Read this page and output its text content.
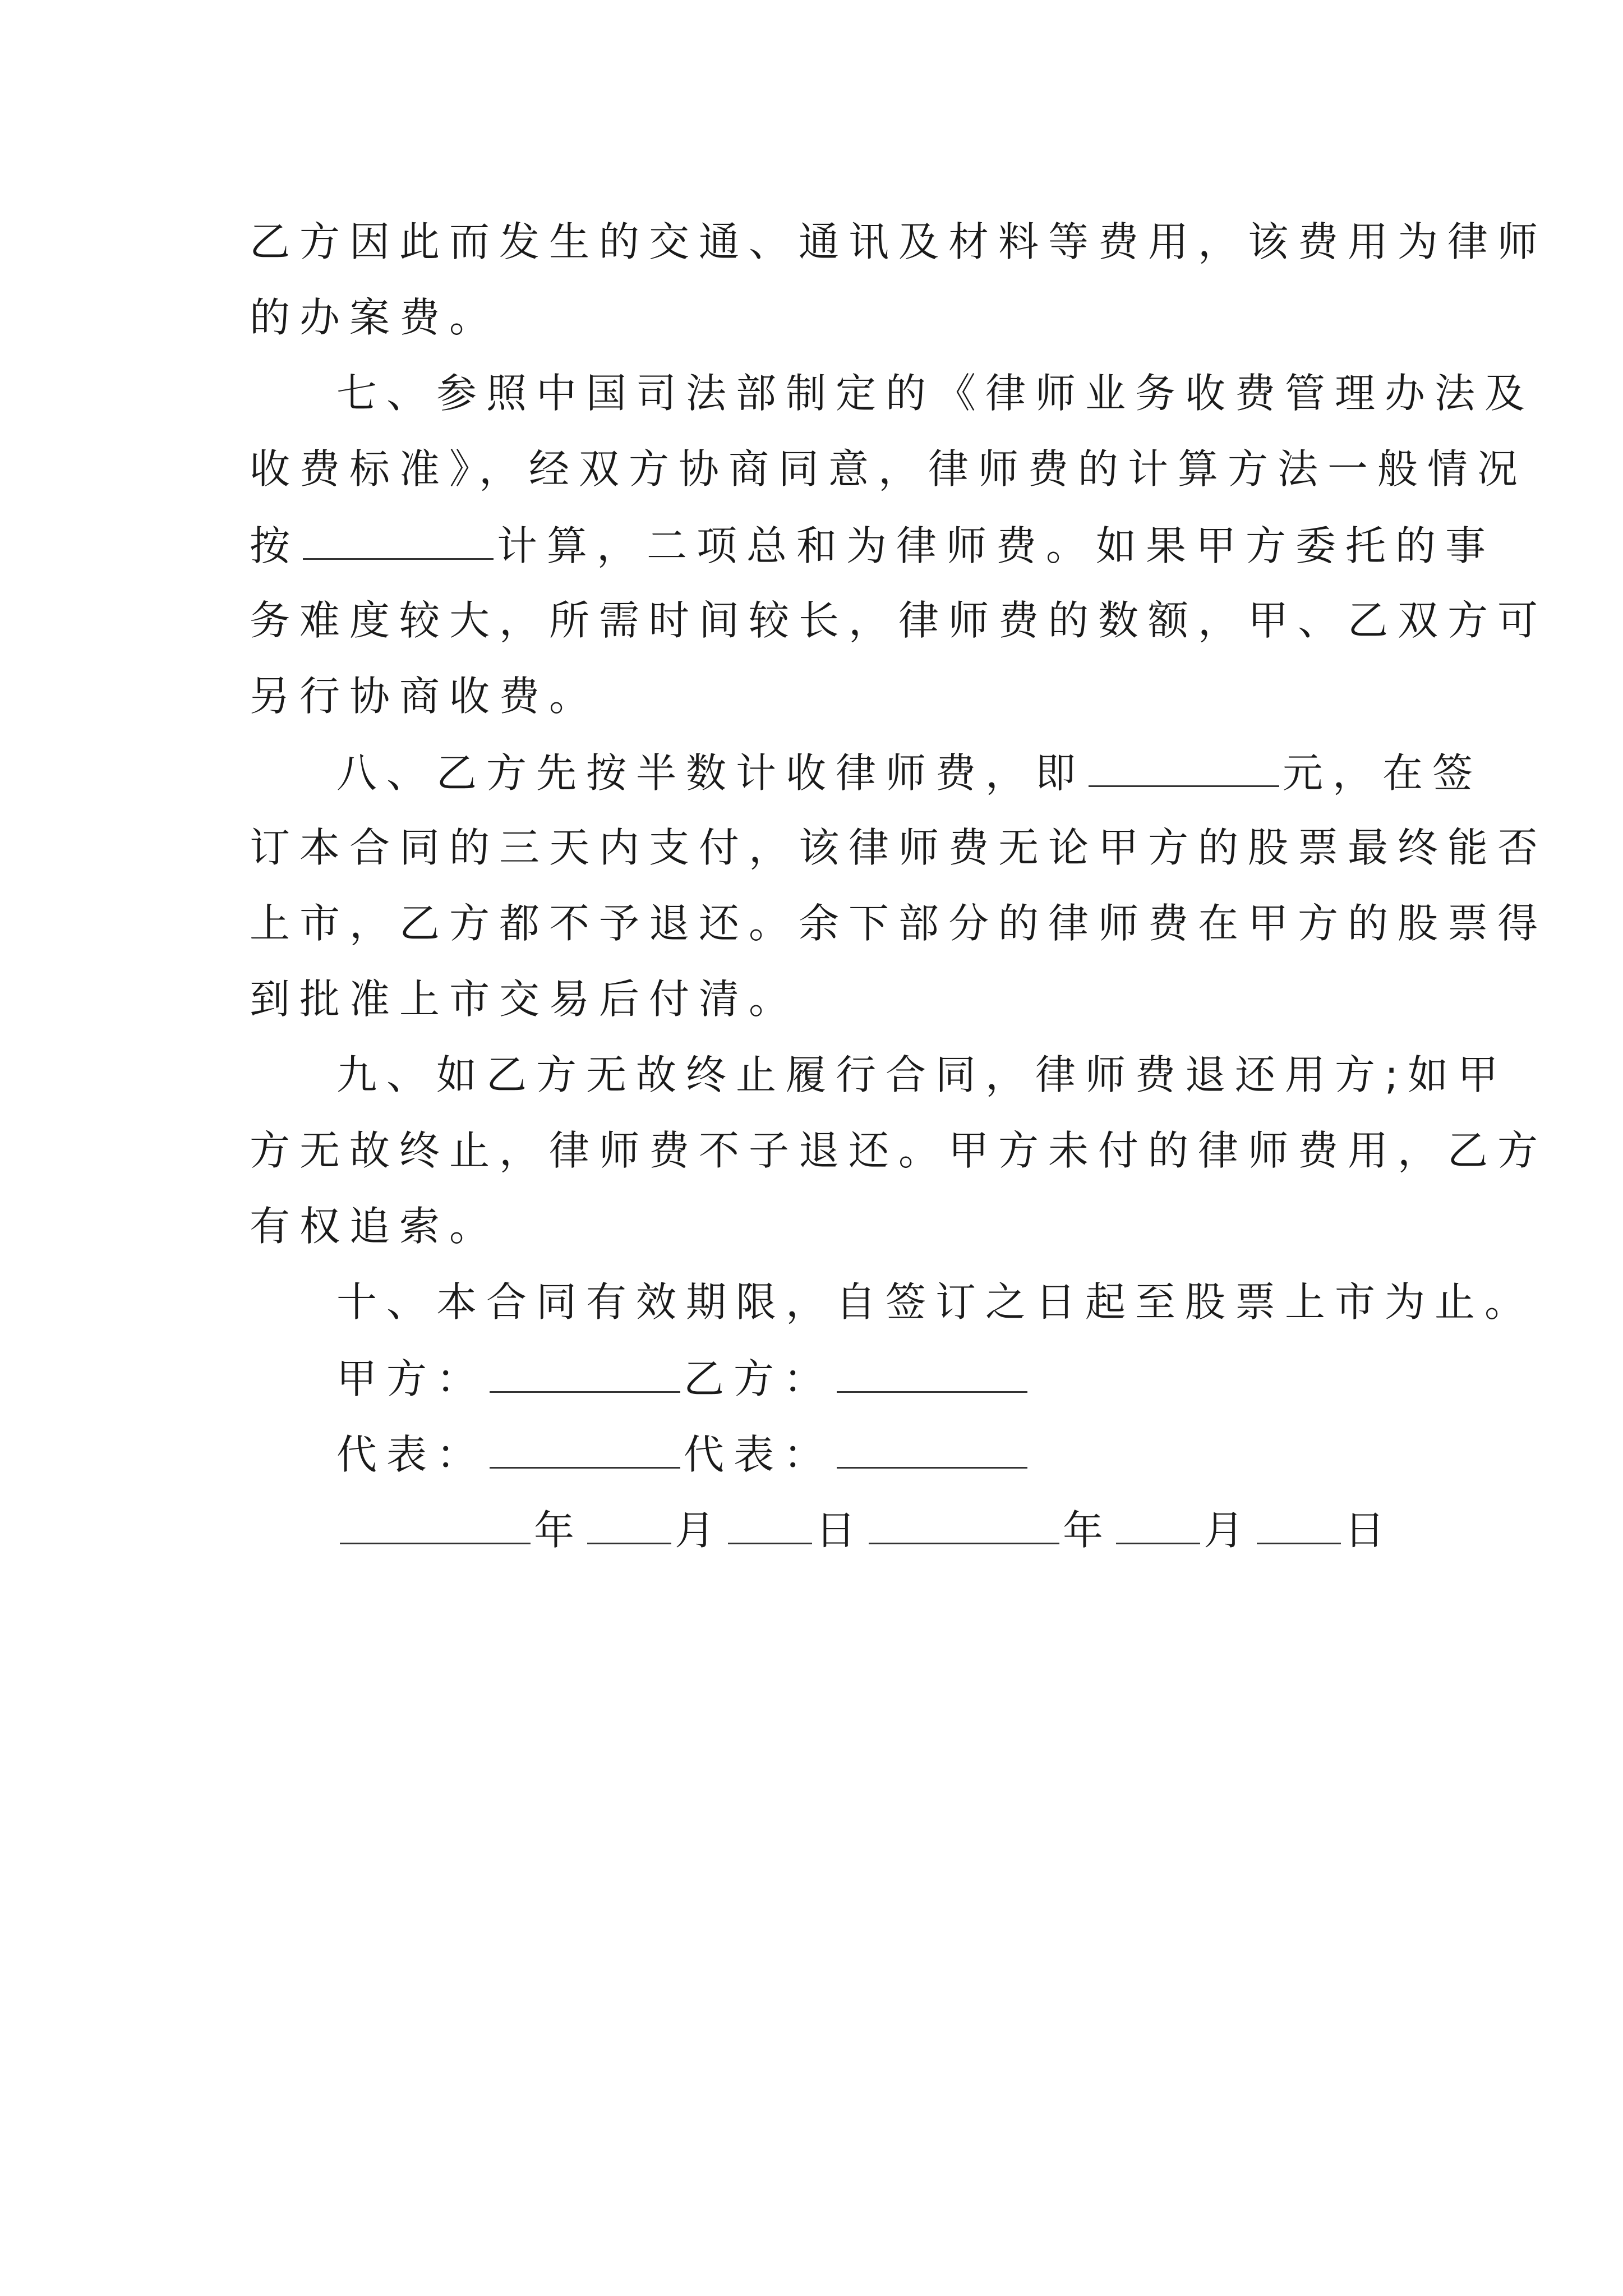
乙方因此而发生的交通、通讯及材料等费用，该费用为律师
的办案费。
七、参照中国司法部制定的《律师业务收费管理办法及
收费标准》，经双方协商同意，律师费的计算方法一般情况
按	计算，二项总和为律师费。如果甲方委托的事
务难度较大，所需时间较长，律师费的数额，甲、乙双方可
另行协商收费。
八、乙方先按半数计收律师费，即	元，在签
订本合同的三天内支付，该律师费无论甲方的股票最终能否
上市，乙方都不予退还。余下部分的律师费在甲方的股票得
到批准上市交易后付清。
九、如乙方无故终止履行合同，律师费退还用方;如甲
方无故终止，律师费不子退还。甲方未付的律师费用，乙方
有权追索。
十、本合同有效期限，自签订之日起至股票上市为止。
甲方：	乙方：
代表：	代表：
年 月 日	年 月 日
